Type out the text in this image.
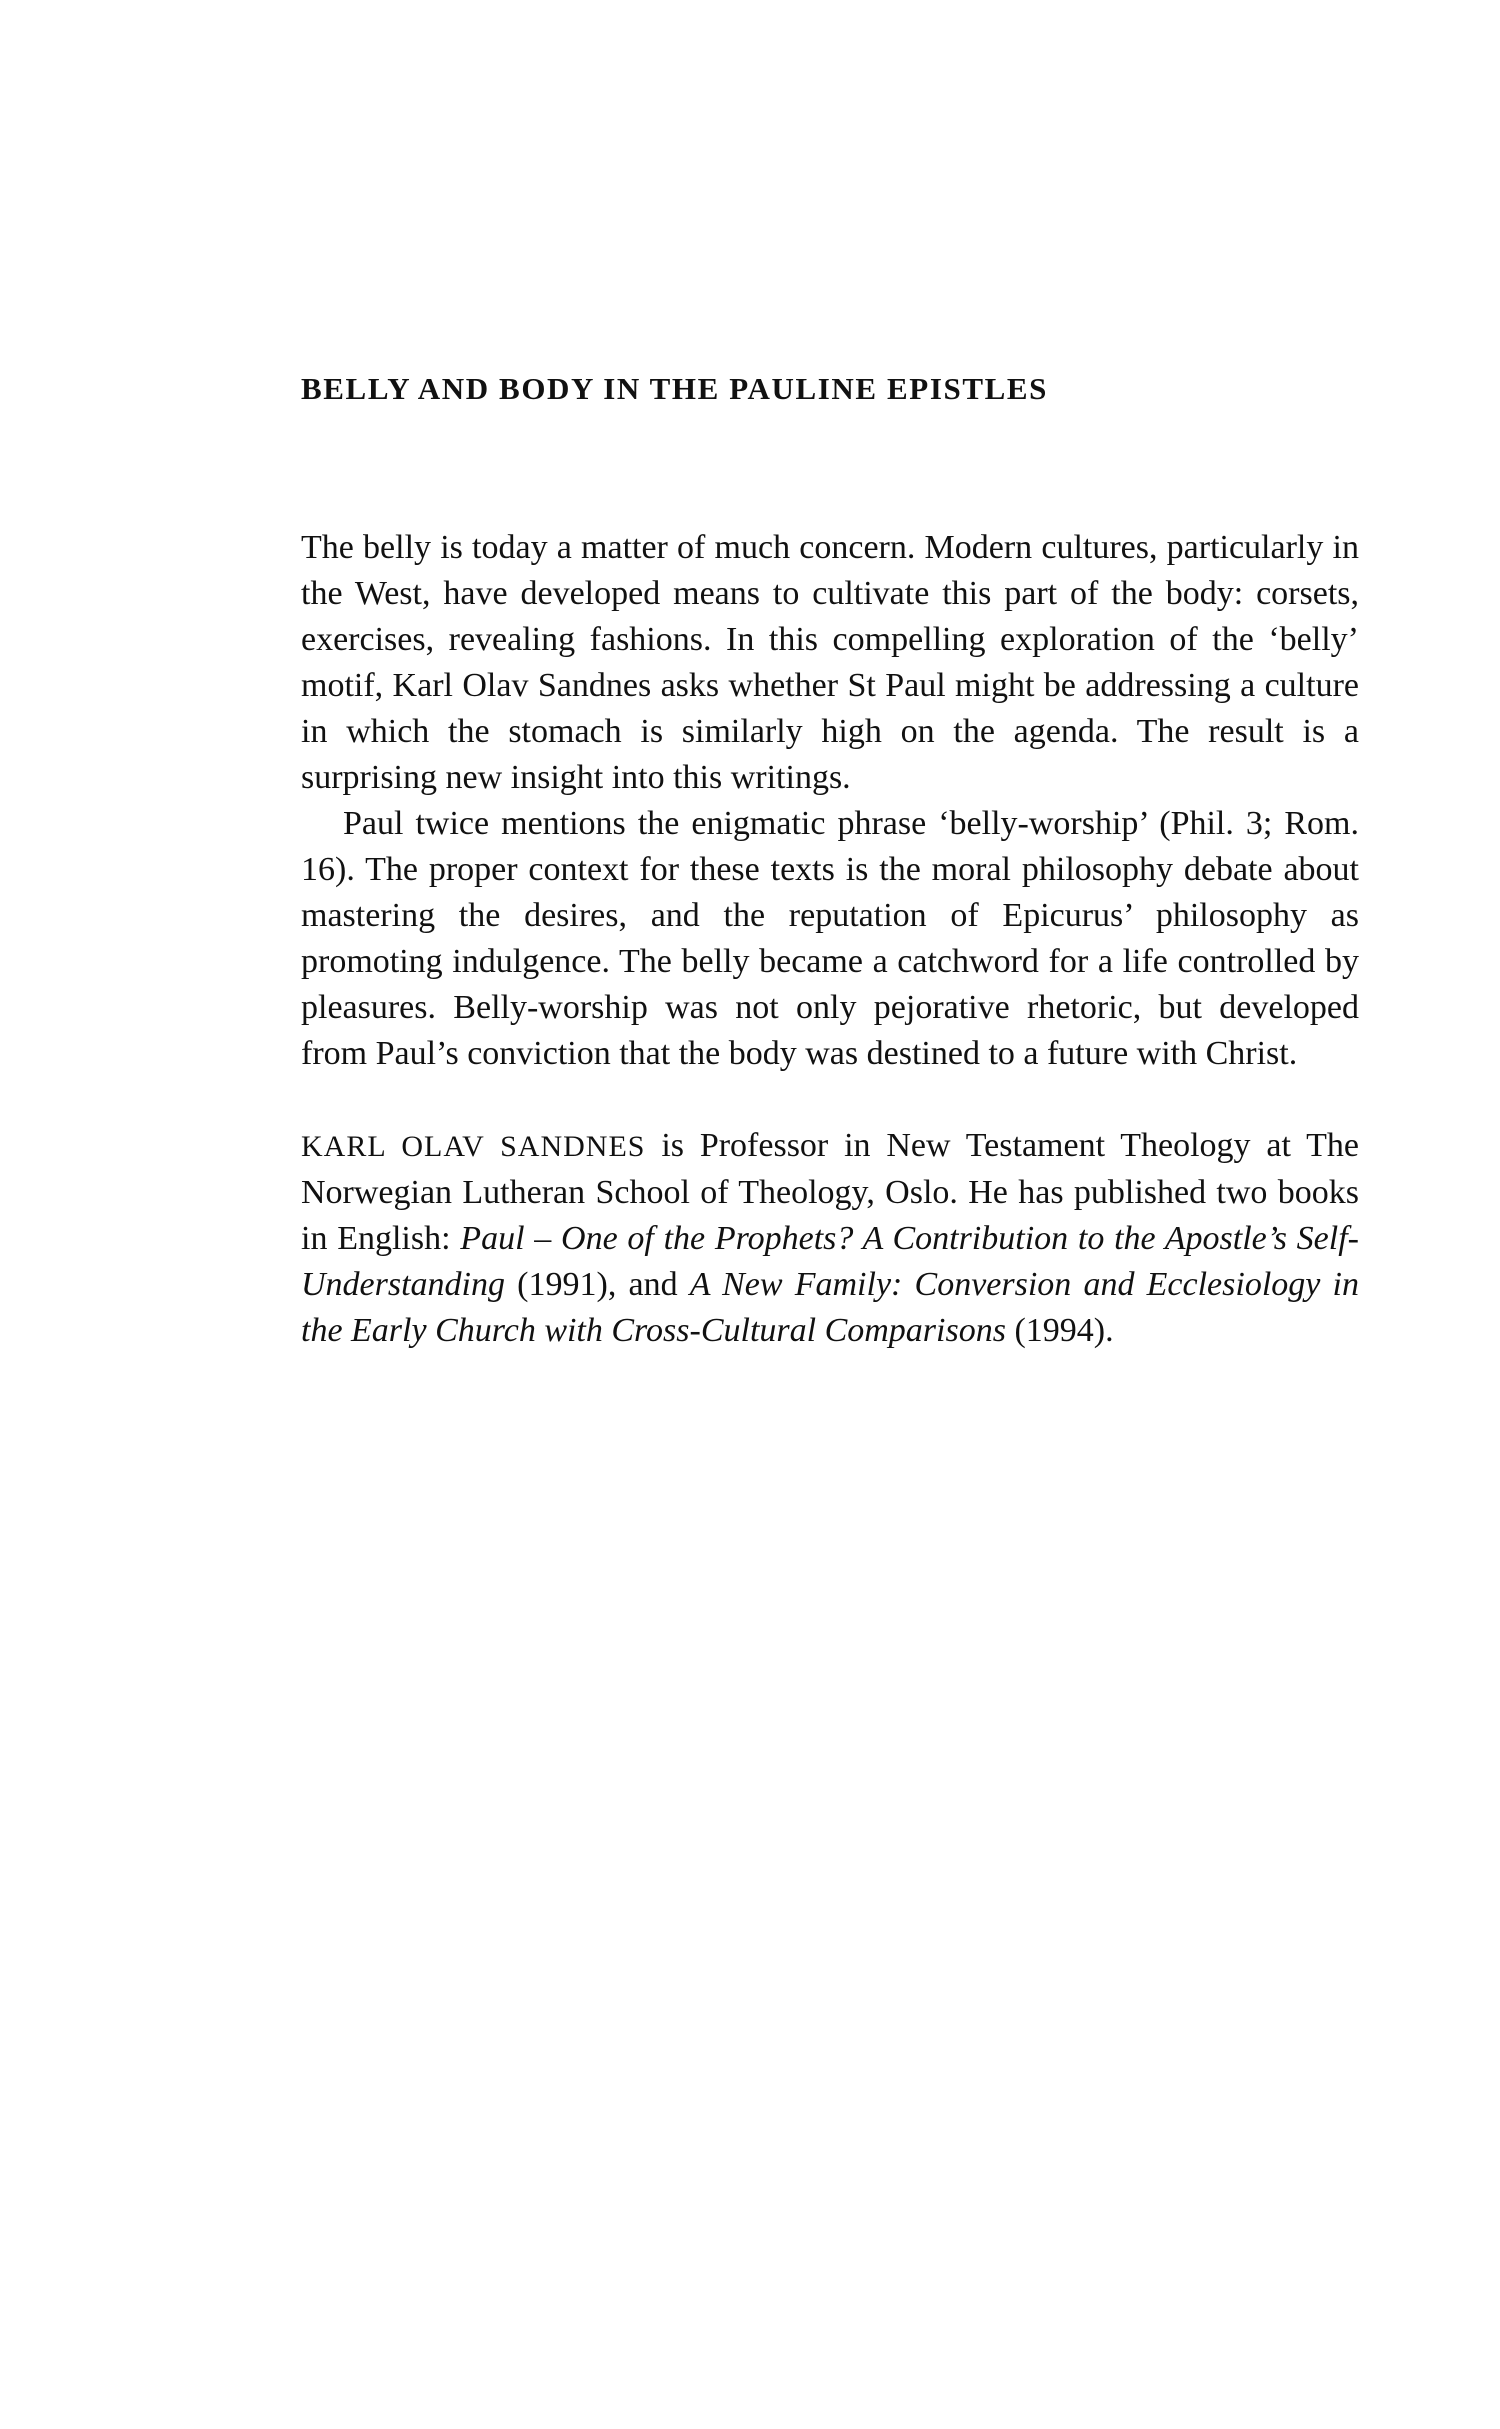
BELLY AND BODY IN THE PAULINE EPISTLES

The belly is today a matter of much concern. Modern cultures, particularly in the West, have developed means to cultivate this part of the body: corsets, exercises, revealing fashions. In this compelling exploration of the ‘belly’ motif, Karl Olav Sandnes asks whether St Paul might be addressing a culture in which the stomach is similarly high on the agenda. The result is a surprising new insight into this writings.

Paul twice mentions the enigmatic phrase ‘belly-worship’ (Phil. 3; Rom. 16). The proper context for these texts is the moral philosophy debate about mastering the desires, and the reputation of Epicurus’ philosophy as promoting indulgence. The belly became a catchword for a life controlled by pleasures. Belly-worship was not only pejorative rhetoric, but developed from Paul’s conviction that the body was destined to a future with Christ.

KARL OLAV SANDNES is Professor in New Testament Theology at The Norwegian Lutheran School of Theology, Oslo. He has published two books in English: Paul – One of the Prophets? A Contribution to the Apostle’s Self-Understanding (1991), and A New Family: Conversion and Ecclesiology in the Early Church with Cross-Cultural Comparisons (1994).
